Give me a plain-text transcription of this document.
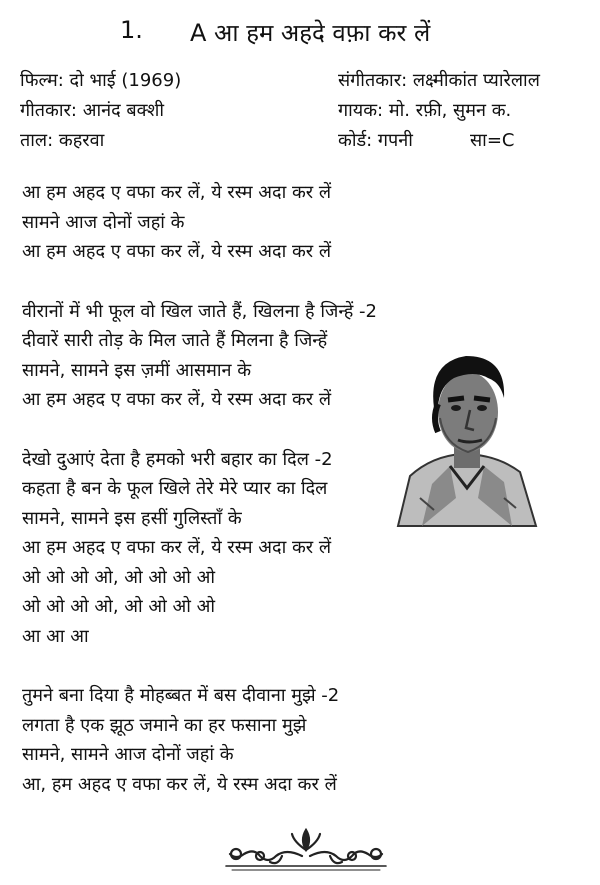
1. A आ हम अहदे वफ़ा कर लें
फिल्म: दो भाई (1969)
गीतकार: आनंद बक्शी
ताल: कहरवा
संगीतकार: लक्ष्मीकांत प्यारेलाल
गायक: मो. रफ़ी, सुमन क.
कोर्ड: गपनी	सा=C
आ हम अहद ए वफा कर लें, ये रस्म अदा कर लें
सामने आज दोनों जहां के
आ हम अहद ए वफा कर लें, ये रस्म अदा कर लें
वीरानों में भी फूल वो खिल जाते हैं, खिलना है जिन्हें -2
दीवारें सारी तोड़ के मिल जाते हैं मिलना है जिन्हें
सामने, सामने इस ज़मीं आसमान के
आ हम अहद ए वफा कर लें, ये रस्म अदा कर लें
देखो दुआएं देता है हमको भरी बहार का दिल -2
कहता है बन के फूल खिले तेरे मेरे प्यार का दिल
सामने, सामने इस हसीं गुलिस्ताँ के
आ हम अहद ए वफा कर लें, ये रस्म अदा कर लें
ओ ओ ओ ओ, ओ ओ ओ ओ
ओ ओ ओ ओ, ओ ओ ओ ओ
आ आ आ
तुमने बना दिया है मोहब्बत में बस दीवाना मुझे -2
लगता है एक झूठ जमाने का हर फसाना मुझे
सामने, सामने आज दोनों जहां के
आ, हम अहद ए वफा कर लें, ये रस्म अदा कर लें
